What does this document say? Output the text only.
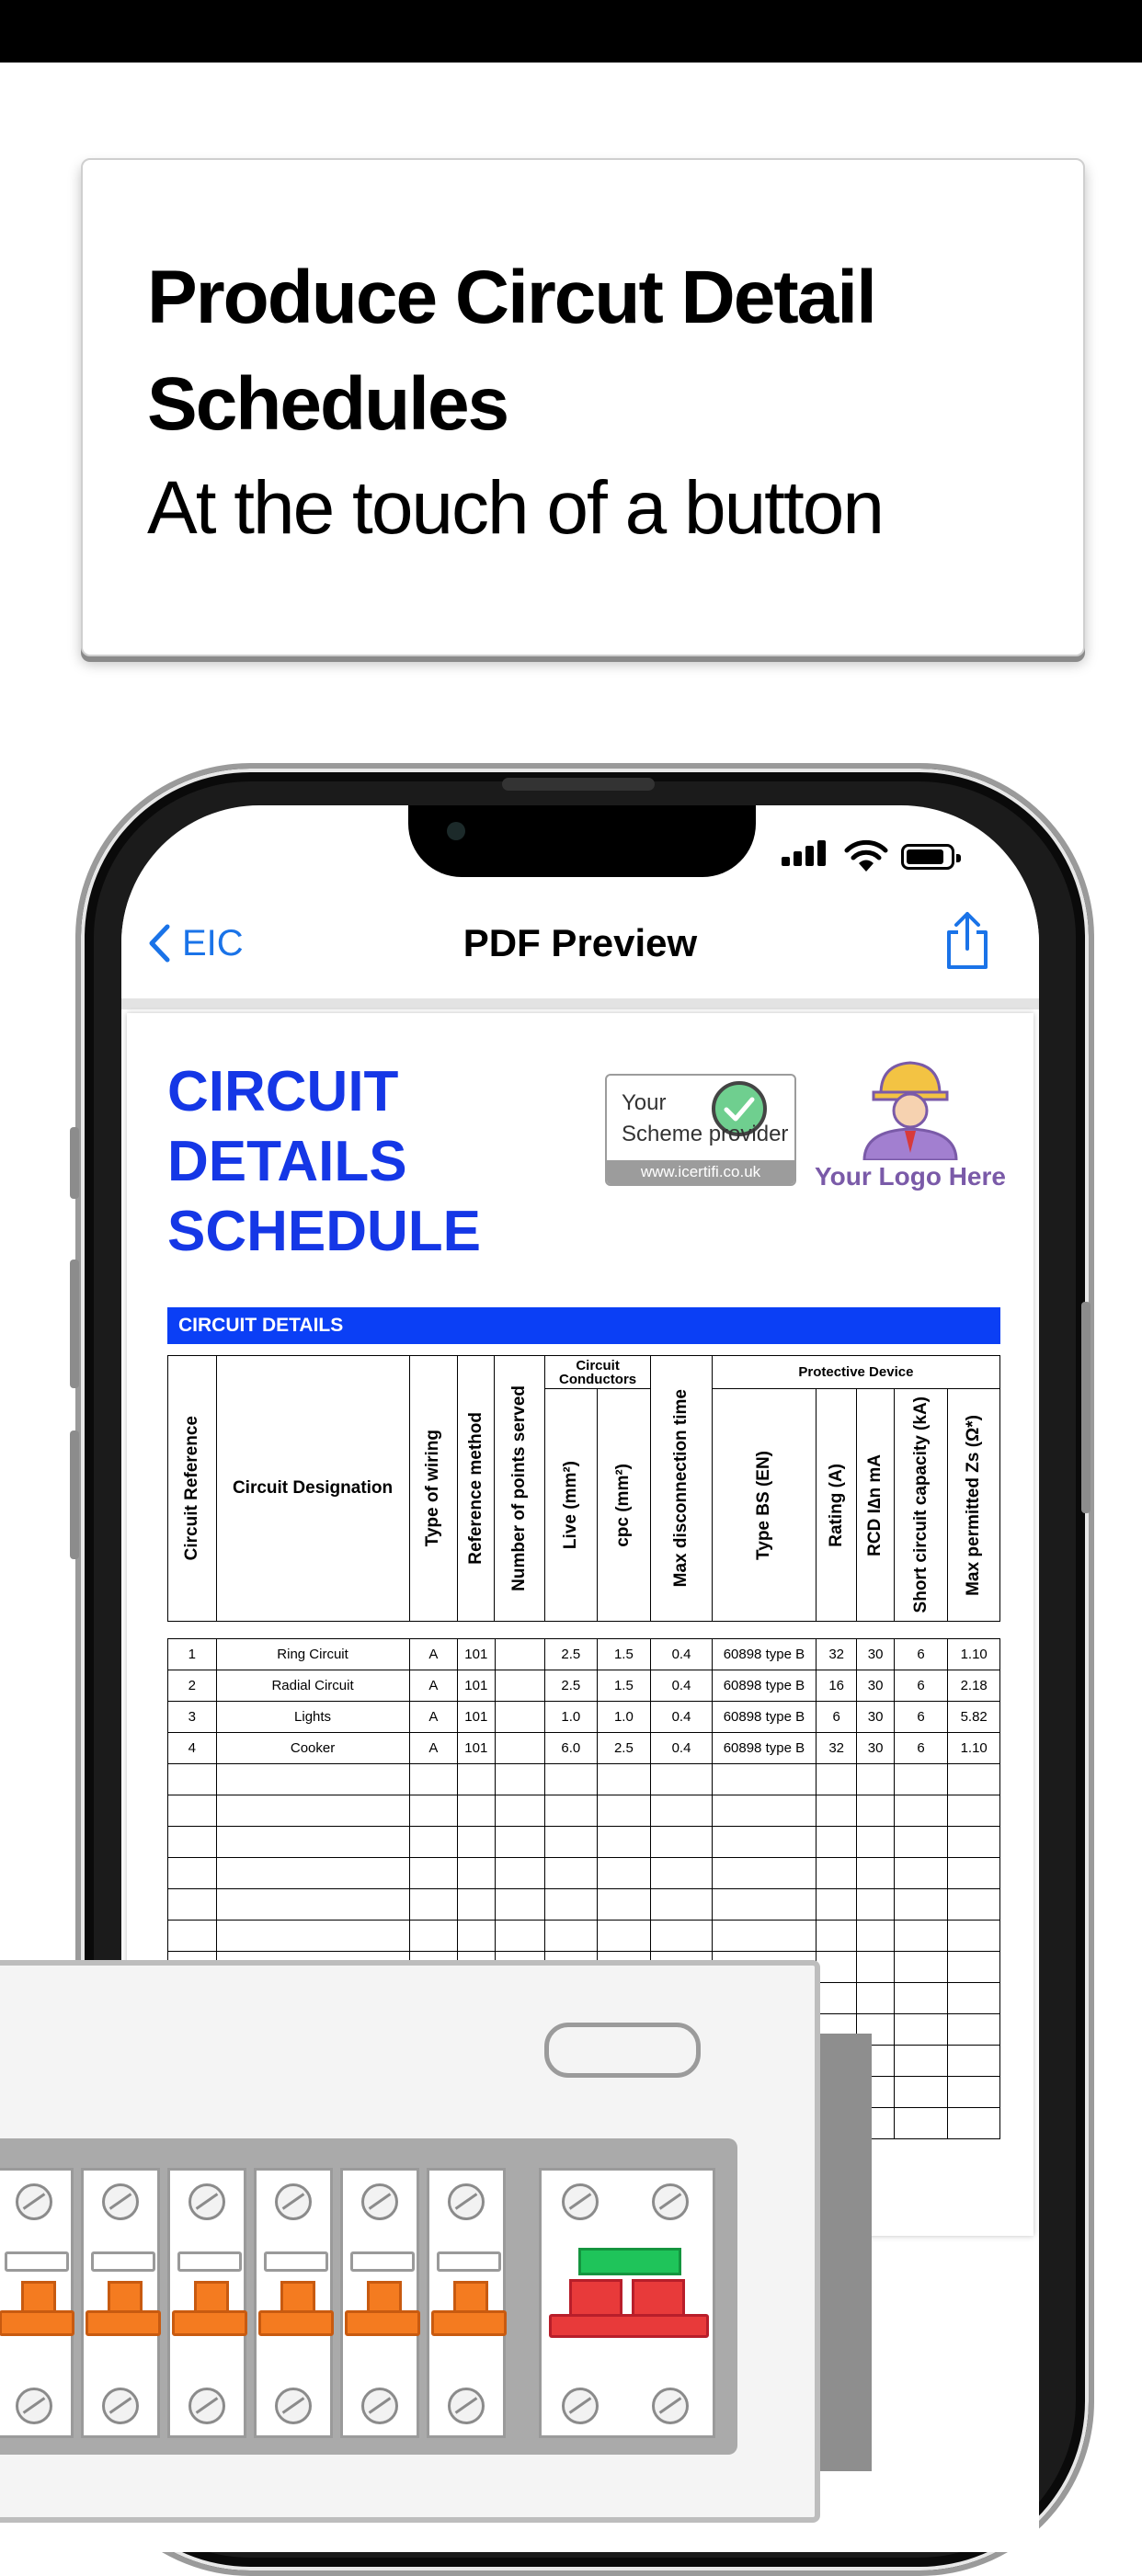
Produce Circut Detail Schedules

At the touch of a button

EIC	PDF Preview
CIRCUIT
DETAILS
SCHEDULE
Your
Scheme provider
www.icertifi.co.uk	Your Logo Here
CIRCUIT DETAILS
Circuit Reference	Circuit Designation	Type of wiring	Reference method	Number of points served	Circuit Conductors		Max disconnection time	Protective Device				

					Live (mm²)	cpc (mm²)		Type BS (EN)	Rating (A)	RCD I∆n mA	Short circuit capacity (kA)	Max permitted Zs (Ω*)
1	Ring Circuit	A	101		2.5	1.5	0.4	60898 type B	32	30	6	1.10
2	Radial Circuit	A	101		2.5	1.5	0.4	60898 type B	16	30	6	2.18
3	Lights	A	101		1.0	1.0	0.4	60898 type B	6	30	6	5.82
4	Cooker	A	101		6.0	2.5	0.4	60898 type B	32	30	6	1.10
